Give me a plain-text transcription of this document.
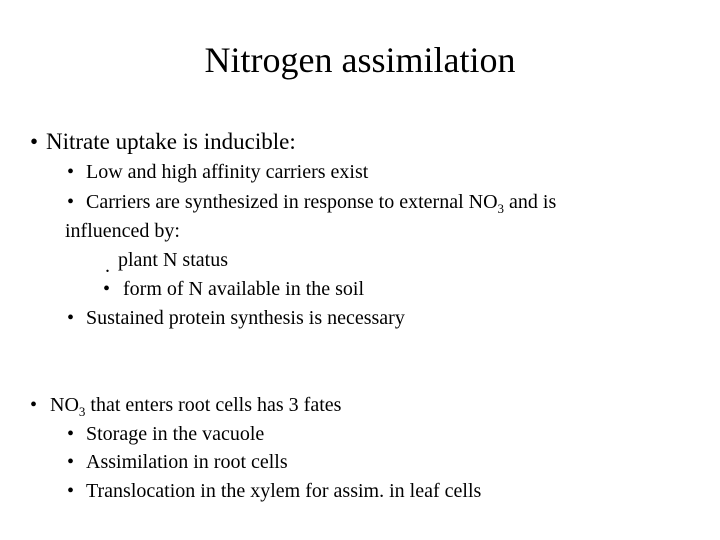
Nitrogen assimilation
• Nitrate uptake is inducible:
• Low and high affinity carriers exist
• Carriers are synthesized in response to external $NO_3$ and is
influenced by:
. plant N status
• form of N available in the soil
• Sustained protein synthesis is necessary
• $NO_3$ that enters root cells has 3 fates
• Storage in the vacuole
• Assimilation in root cells
• Translocation in the xylem for assim. in leaf cells
